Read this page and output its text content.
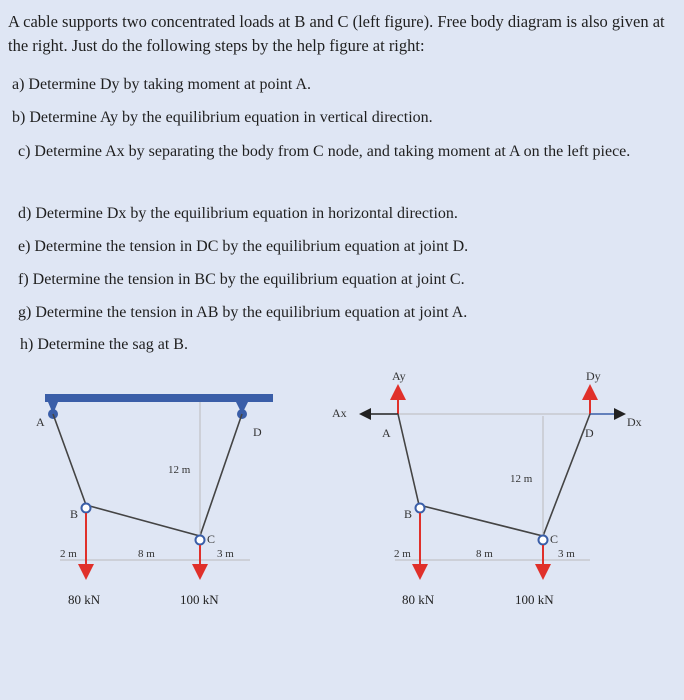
A cable supports two concentrated loads at B and C (left figure). Free body diagram is also given at the right. Just do the following steps by the help figure at right:
a) Determine Dy by taking moment at point A.
b) Determine Ay by the equilibrium equation in vertical direction.
c) Determine Ax by separating the body from C node, and taking moment at A on the left piece.
d) Determine Dx by the equilibrium equation in horizontal direction.
e) Determine the tension in DC by the equilibrium equation at joint D.
f) Determine the tension in BC by the equilibrium equation at joint C.
g) Determine the tension in AB by the equilibrium equation at joint A.
h) Determine the sag at B.
A
D
12 m
2 m	8 m	3 m
B
C
80 kN	100 kN
Ay
Ax
Dy
Dx
A	D
12 m
2 m	8 m	3 m
B
C
80 kN	100 kN
